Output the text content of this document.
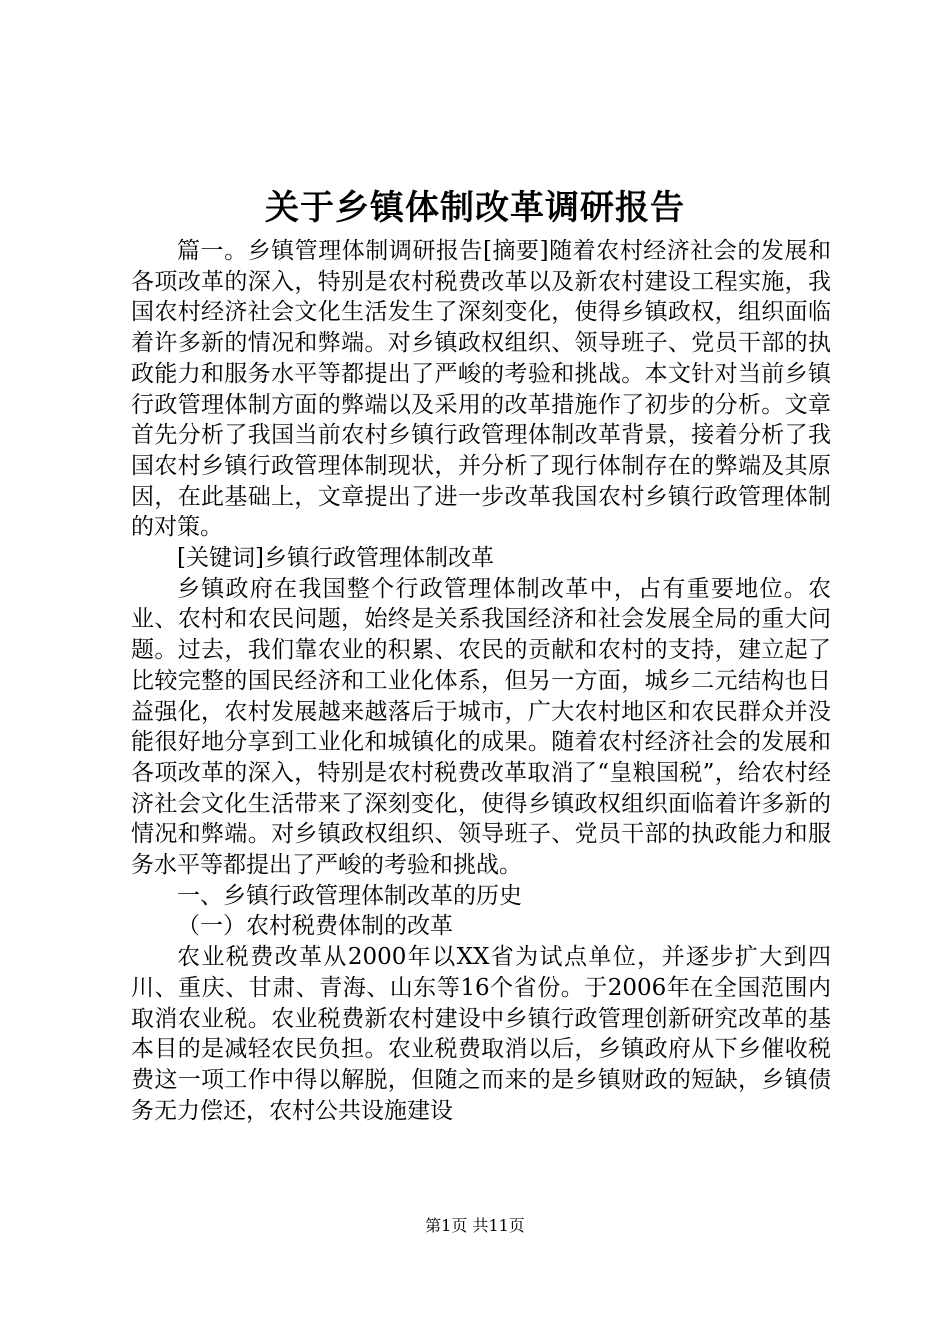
关于乡镇体制改革调研报告

篇一。乡镇管理体制调研报告[摘要]随着农村经济社会的发展和各项改革的深入，特别是农村税费改革以及新农村建设工程实施，我国农村经济社会文化生活发生了深刻变化，使得乡镇政权，组织面临着许多新的情况和弊端。对乡镇政权组织、领导班子、党员干部的执政能力和服务水平等都提出了严峻的考验和挑战。本文针对当前乡镇行政管理体制方面的弊端以及采用的改革措施作了初步的分析。文章首先分析了我国当前农村乡镇行政管理体制改革背景，接着分析了我国农村乡镇行政管理体制现状，并分析了现行体制存在的弊端及其原因，在此基础上，文章提出了进一步改革我国农村乡镇行政管理体制的对策。

[关键词]乡镇行政管理体制改革

乡镇政府在我国整个行政管理体制改革中，占有重要地位。农业、农村和农民问题，始终是关系我国经济和社会发展全局的重大问题。过去，我们靠农业的积累、农民的贡献和农村的支持，建立起了比较完整的国民经济和工业化体系，但另一方面，城乡二元结构也日益强化，农村发展越来越落后于城市，广大农村地区和农民群众并没能很好地分享到工业化和城镇化的成果。随着农村经济社会的发展和各项改革的深入，特别是农村税费改革取消了“皇粮国税”，给农村经济社会文化生活带来了深刻变化，使得乡镇政权组织面临着许多新的情况和弊端。对乡镇政权组织、领导班子、党员干部的执政能力和服务水平等都提出了严峻的考验和挑战。

一、乡镇行政管理体制改革的历史

（一）农村税费体制的改革

农业税费改革从2000年以XX省为试点单位，并逐步扩大到四川、重庆、甘肃、青海、山东等16个省份。于2006年在全国范围内取消农业税。农业税费新农村建设中乡镇行政管理创新研究改革的基本目的是减轻农民负担。农业税费取消以后，乡镇政府从下乡催收税费这一项工作中得以解脱，但随之而来的是乡镇财政的短缺，乡镇债务无力偿还，农村公共设施建设

第1页 共11页
